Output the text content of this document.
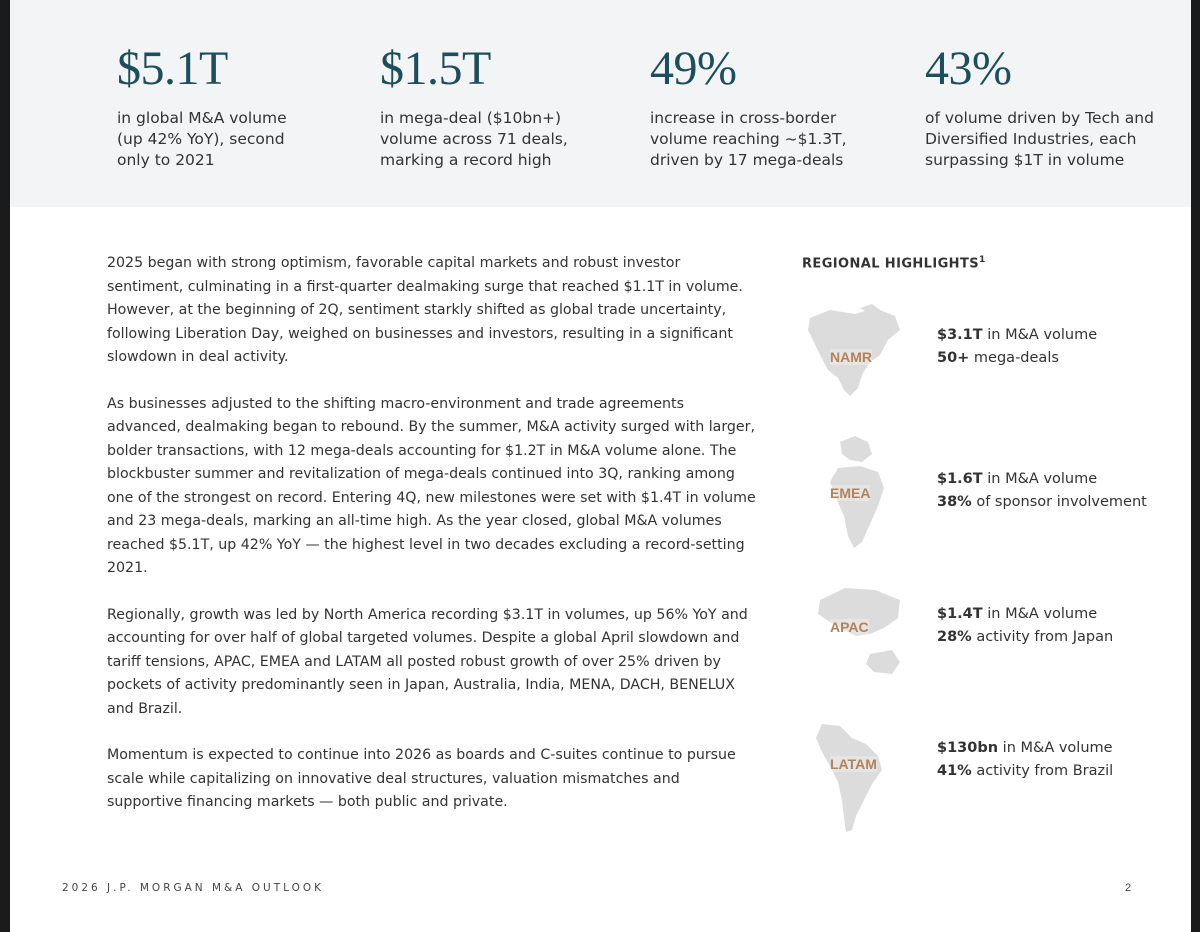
$5.1T
in global M&A volume
(up 42% YoY), second
only to 2021
$1.5T
in mega-deal ($10bn+)
volume across 71 deals,
marking a record high
49%
increase in cross-border
volume reaching ~$1.3T,
driven by 17 mega-deals
43%
of volume driven by Tech and
Diversified Industries, each
surpassing $1T in volume

2025 began with strong optimism, favorable capital markets and robust investor sentiment, culminating in a first-quarter dealmaking surge that reached $1.1T in volume. However, at the beginning of 2Q, sentiment starkly shifted as global trade uncertainty, following Liberation Day, weighed on businesses and investors, resulting in a significant slowdown in deal activity.

As businesses adjusted to the shifting macro-environment and trade agreements advanced, dealmaking began to rebound. By the summer, M&A activity surged with larger, bolder transactions, with 12 mega-deals accounting for $1.2T in M&A volume alone. The blockbuster summer and revitalization of mega-deals continued into 3Q, ranking among one of the strongest on record. Entering 4Q, new milestones were set with $1.4T in volume and 23 mega-deals, marking an all-time high. As the year closed, global M&A volumes reached $5.1T, up 42% YoY — the highest level in two decades excluding a record-setting 2021.

Regionally, growth was led by North America recording $3.1T in volumes, up 56% YoY and accounting for over half of global targeted volumes. Despite a global April slowdown and tariff tensions, APAC, EMEA and LATAM all posted robust growth of over 25% driven by pockets of activity predominantly seen in Japan, Australia, India, MENA, DACH, BENELUX and Brazil.

Momentum is expected to continue into 2026 as boards and C-suites continue to pursue scale while capitalizing on innovative deal structures, valuation mismatches and supportive financing markets — both public and private.

REGIONAL HIGHLIGHTS$^1$
NAMR
$3.1T in M&A volume
50+ mega-deals
EMEA
$1.6T in M&A volume
38% of sponsor involvement
APAC
$1.4T in M&A volume
28% activity from Japan
LATAM
$130bn in M&A volume
41% activity from Brazil
2026 J.P. MORGAN M&A OUTLOOK	2
